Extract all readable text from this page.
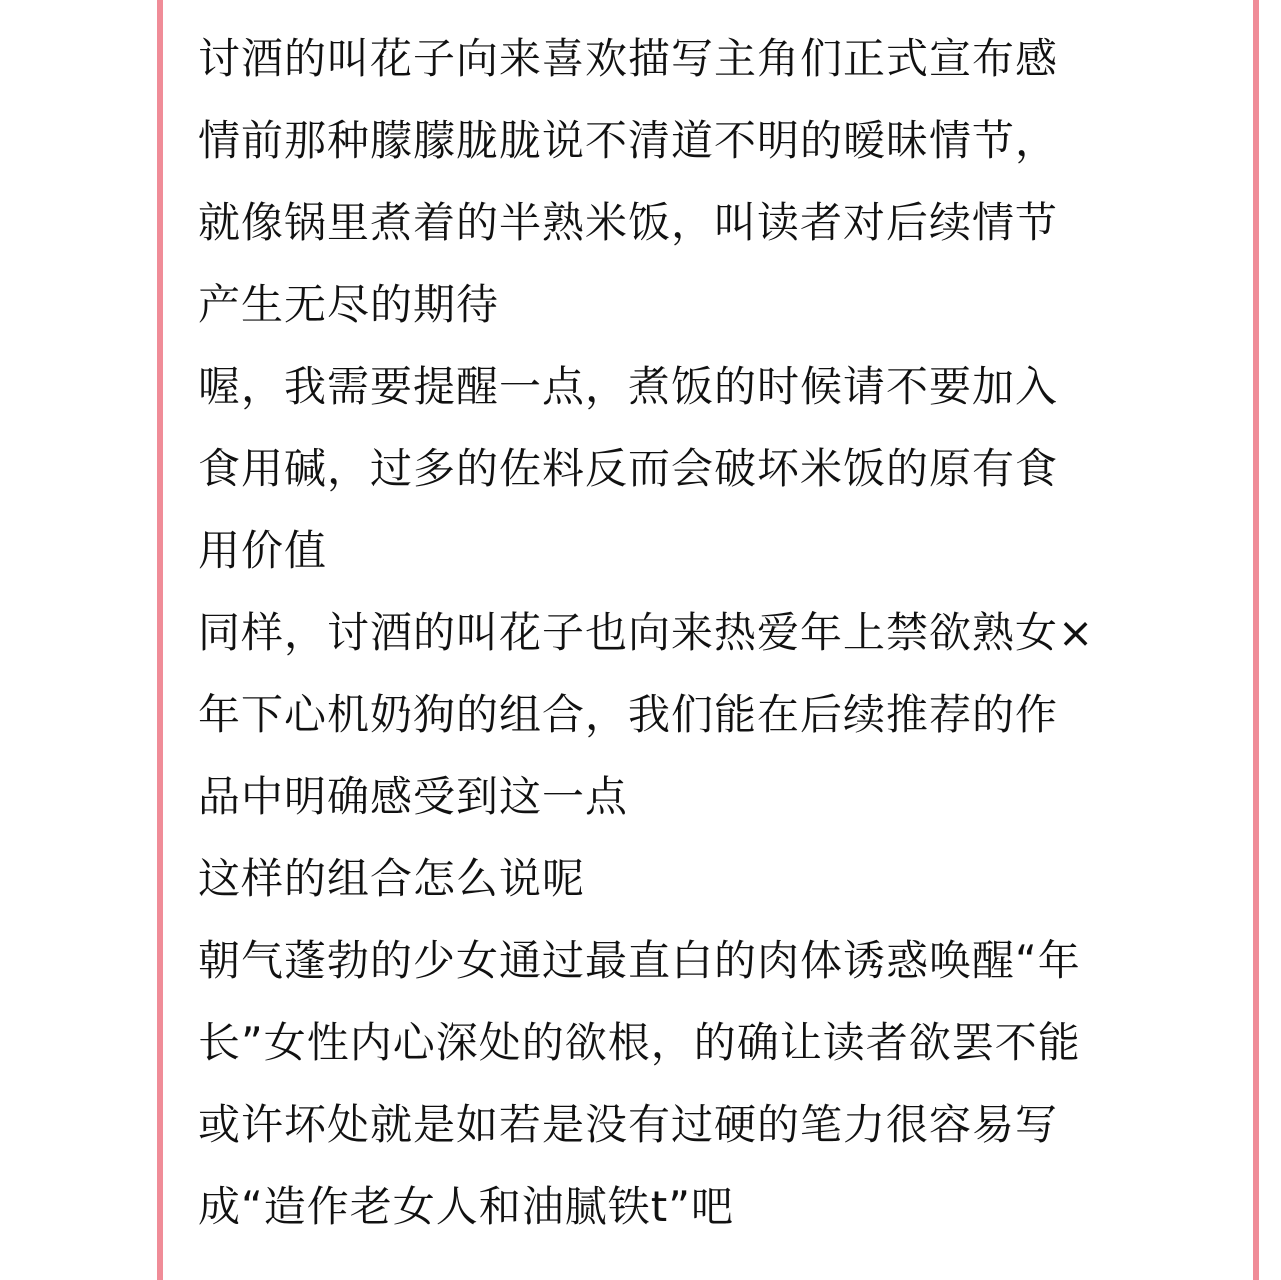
讨酒的叫花子向来喜欢描写主角们正式宣布感
情前那种朦朦胧胧说不清道不明的暧昧情节，
就像锅里煮着的半熟米饭，叫读者对后续情节
产生无尽的期待
喔，我需要提醒一点，煮饭的时候请不要加入
食用碱，过多的佐料反而会破坏米饭的原有食
用价值
同样，讨酒的叫花子也向来热爱年上禁欲熟女×
年下心机奶狗的组合，我们能在后续推荐的作
品中明确感受到这一点
这样的组合怎么说呢
朝气蓬勃的少女通过最直白的肉体诱惑唤醒“年
长”女性内心深处的欲根，的确让读者欲罢不能
或许坏处就是如若是没有过硬的笔力很容易写
成“造作老女人和油腻铁t”吧
